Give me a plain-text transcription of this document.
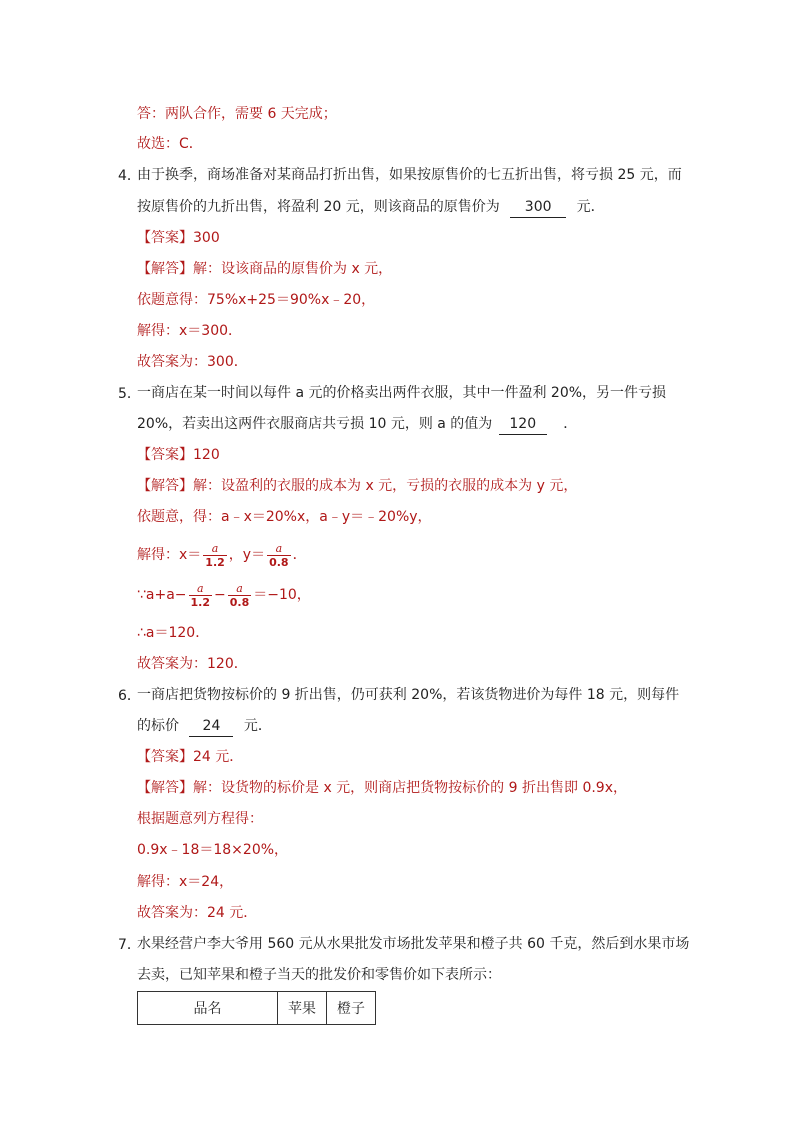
答：两队合作，需要 6 天完成；
故选：C．
4．
由于换季，商场准备对某商品打折出售，如果按原售价的七五折出售，将亏损 25 元，而
按原售价的九折出售，将盈利 20 元，则该商品的原售价为 300 元．
【答案】300
【解答】解：设该商品的原售价为 x 元，
依题意得：75%x+25＝90%x﹣20，
解得：x＝300．
故答案为：300．
5．
一商店在某一时间以每件 a 元的价格卖出两件衣服，其中一件盈利 20%，另一件亏损
20%，若卖出这两件衣服商店共亏损 10 元，则 a 的值为 120 ．
【答案】120
【解答】解：设盈利的衣服的成本为 x 元，亏损的衣服的成本为 y 元，
依题意，得：a﹣x＝20%x，a﹣y＝﹣20%y，
解得：$x= \frac{a}{1.2}$ ，$y= \frac{a}{0.8}$ ．
∵a+a− $\frac{a}{1.2} - \frac{a}{0.8} =-10$，
∴a＝120．
故答案为：120．
6．
一商店把货物按标价的 9 折出售，仍可获利 20%，若该货物进价为每件 18 元，则每件
的标价 24 元．
【答案】24 元．
【解答】解：设货物的标价是 x 元，则商店把货物按标价的 9 折出售即 0.9x，
根据题意列方程得：
0.9x﹣18＝18×20%，
解得：x＝24，
故答案为：24 元．
7．
水果经营户李大爷用 560 元从水果批发市场批发苹果和橙子共 60 千克，然后到水果市场
去卖，已知苹果和橙子当天的批发价和零售价如下表所示：
品名	苹果	橙子
